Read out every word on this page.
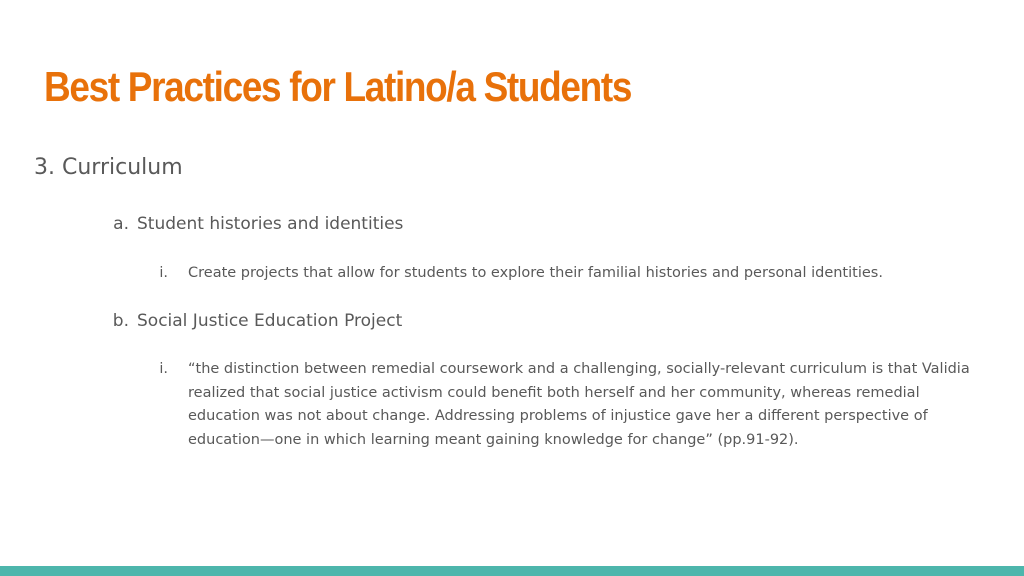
Best Practices for Latino/a Students
3. Curriculum
a. Student histories and identities
i. Create projects that allow for students to explore their familial histories and personal identities.
b. Social Justice Education Project
i. “the distinction between remedial coursework and a challenging, socially-relevant curriculum is that Validia realized that social justice activism could benefit both herself and her community, whereas remedial education was not about change. Addressing problems of injustice gave her a different perspective of education—one in which learning meant gaining knowledge for change” (pp.91-92).
